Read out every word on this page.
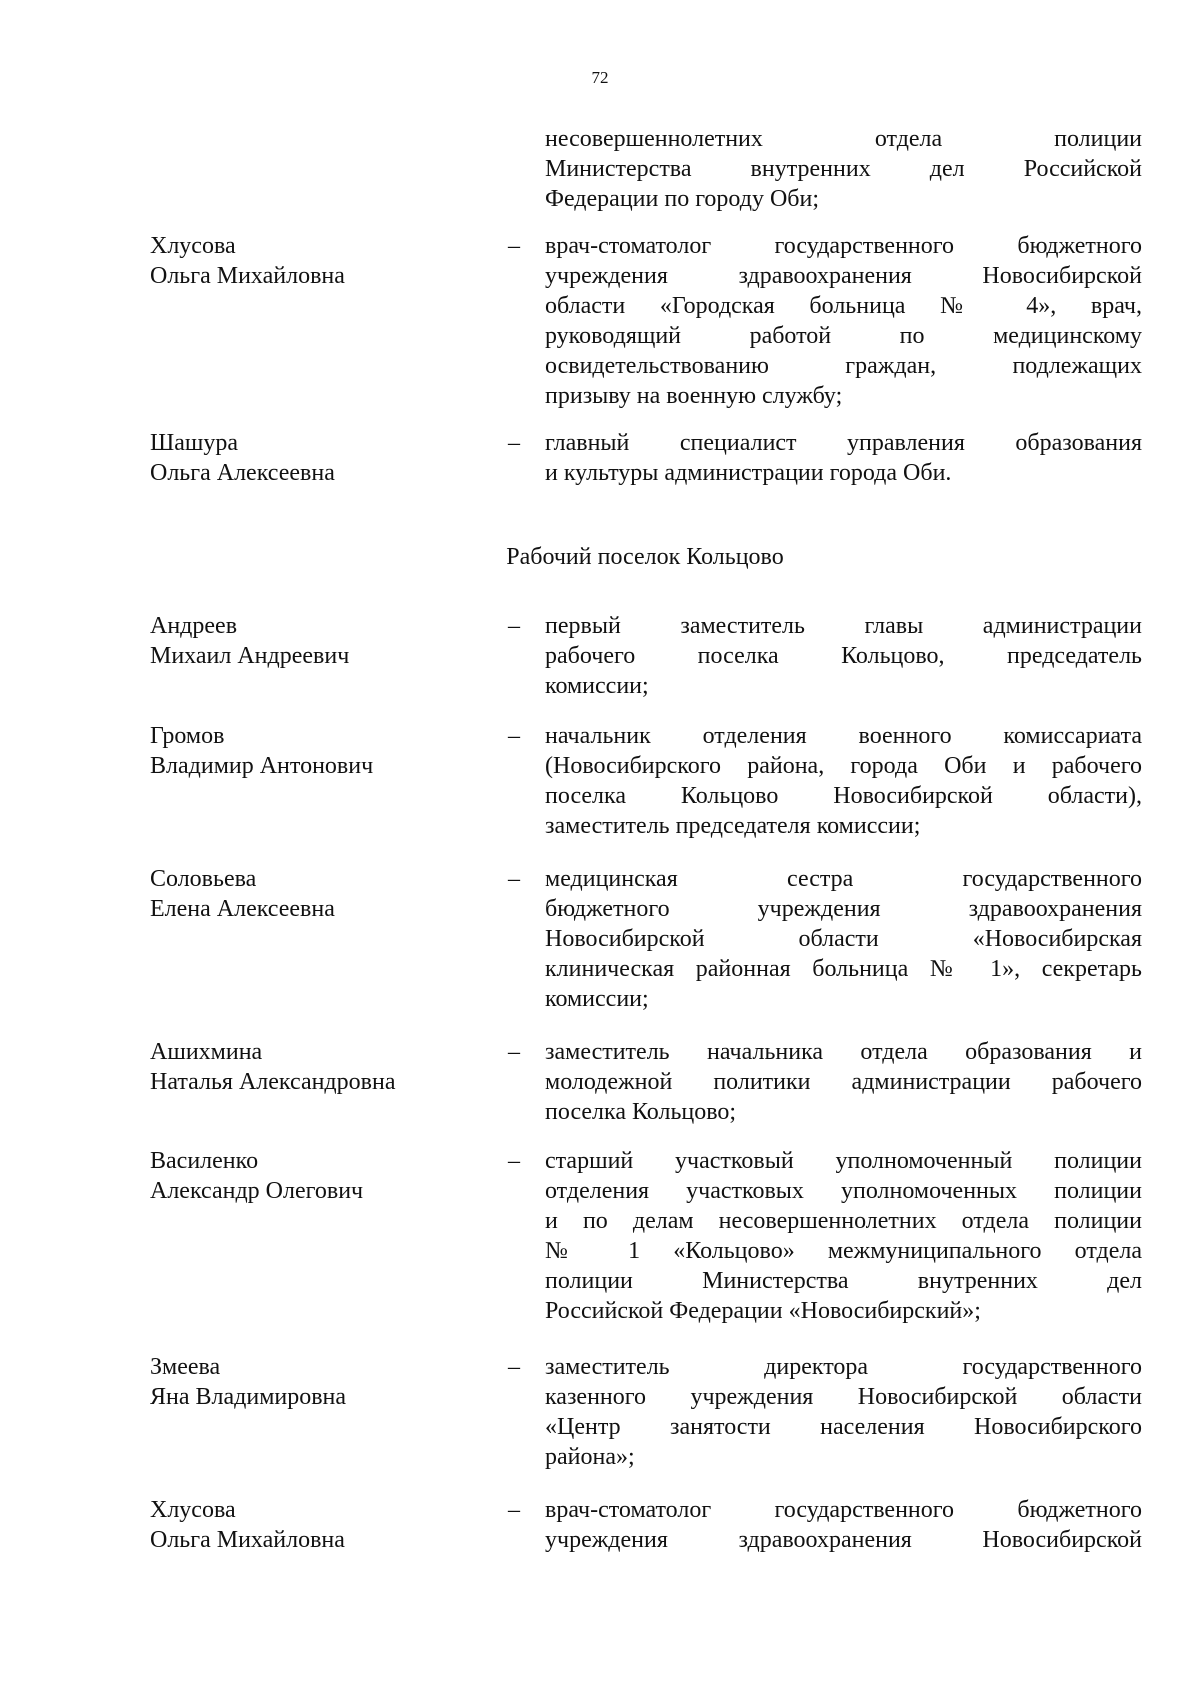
72
несовершеннолетних отдела полиции
Министерства внутренних дел Российской
Федерации по городу Оби;
Хлусова
Ольга Михайловна
– врач-стоматолог государственного бюджетного
учреждения здравоохранения Новосибирской
области «Городская больница № 4», врач,
руководящий работой по медицинскому
освидетельствованию граждан, подлежащих
призыву на военную службу;
Шашура
Ольга Алексеевна
– главный специалист управления образования
и культуры администрации города Оби.
Рабочий поселок Кольцово
Андреев
Михаил Андреевич
– первый заместитель главы администрации
рабочего поселка Кольцово, председатель
комиссии;
Громов
Владимир Антонович
– начальник отделения военного комиссариата
(Новосибирского района, города Оби и рабочего
поселка Кольцово Новосибирской области),
заместитель председателя комиссии;
Соловьева
Елена Алексеевна
– медицинская сестра государственного
бюджетного учреждения здравоохранения
Новосибирской области «Новосибирская
клиническая районная больница № 1», секретарь
комиссии;
Ашихмина
Наталья Александровна
– заместитель начальника отдела образования и
молодежной политики администрации рабочего
поселка Кольцово;
Василенко
Александр Олегович
– старший участковый уполномоченный полиции
отделения участковых уполномоченных полиции
и по делам несовершеннолетних отдела полиции
№ 1 «Кольцово» межмуниципального отдела
полиции Министерства внутренних дел
Российской Федерации «Новосибирский»;
Змеева
Яна Владимировна
– заместитель директора государственного
казенного учреждения Новосибирской области
«Центр занятости населения Новосибирского
района»;
Хлусова
Ольга Михайловна
– врач-стоматолог государственного бюджетного
учреждения здравоохранения Новосибирской
